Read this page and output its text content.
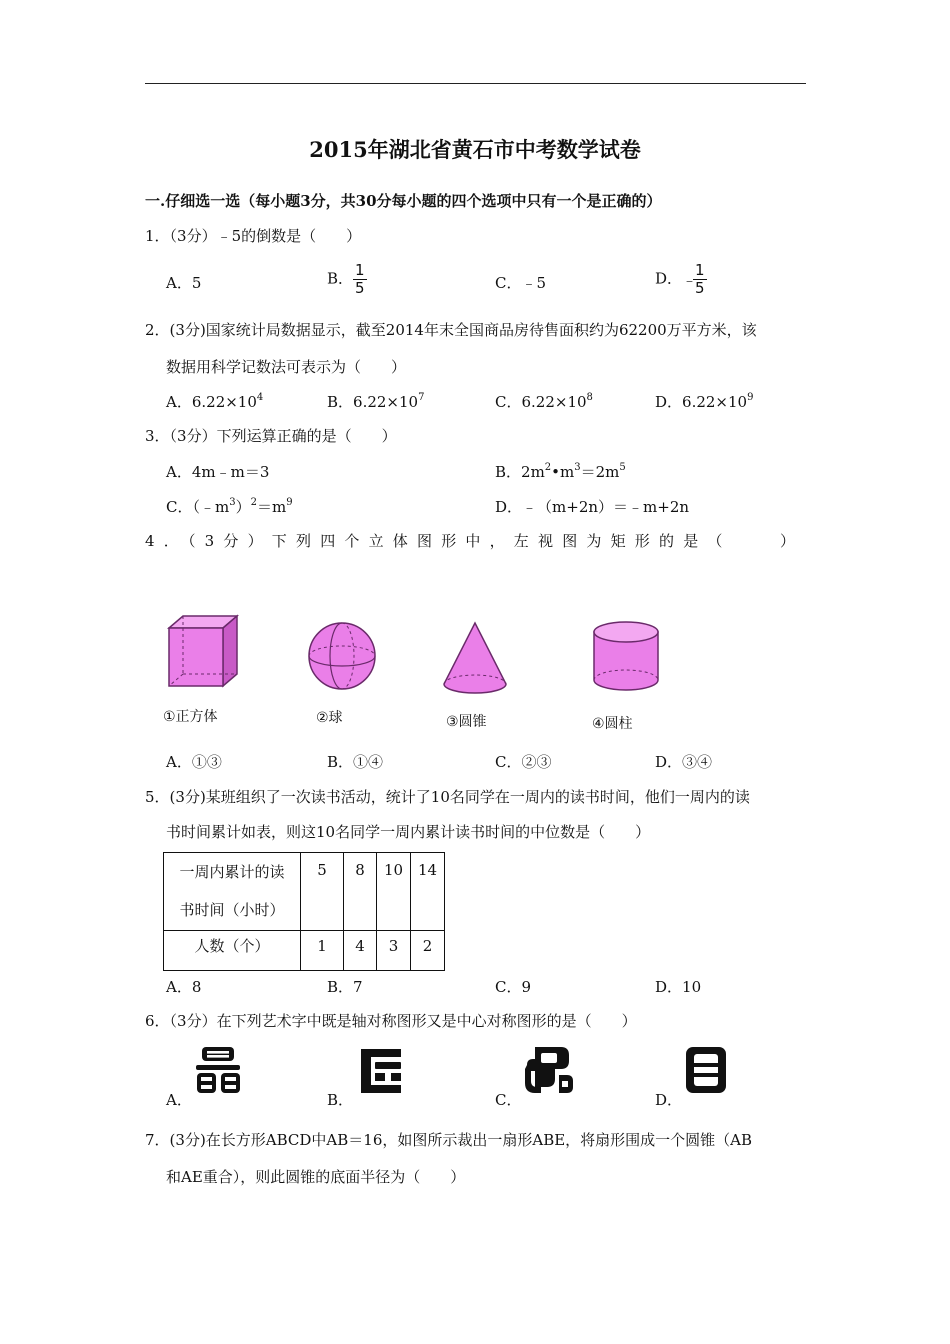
2015年湖北省黄石市中考数学试卷
一.仔细选一选（每小题3分，共30分每小题的四个选项中只有一个是正确的）
1．（3分）﹣5的倒数是（　　）
A．5	B． $\frac{1}{5}$	C．﹣5	D．﹣
$\frac{1}{5}$
2．(3分)国家统计局数据显示，截至2014年末全国商品房待售面积约为62200万平方米，该
数据用科学记数法可表示为（　　）
A．$6.22\times 10^4$	B．$6.22\times 10^7$	C．$6.22\times 10^8$	D．$6.22\times 10^9$
3．（3分）下列运算正确的是（　　）
A．4m﹣m＝3	B．$2m^2•m^3=2m^5$
C．$(﹣m^3)^2=m^9$	D．﹣（m+2n）＝﹣m+2n
4．（3分）下列四个立体图形中，左视图为矩形的是（　　）
①正方体	②球	③圆锥	④圆柱
A．①③	B．①④	C．②③	D．③④
5．(3分)某班组织了一次读书活动，统计了10名同学在一周内的读书时间，他们一周内的读
书时间累计如表，则这10名同学一周内累计读书时间的中位数是（　　）
一周内累计的读
书时间（小时）	5	8	10	14
人数（个）	1	4	3	2
A．8	B．7	C．9	D．10
6．（3分）在下列艺术字中既是轴对称图形又是中心对称图形的是（　　）
A．	B．	C．	D．
7．(3分)在长方形ABCD中AB＝16，如图所示裁出一扇形ABE，将扇形围成一个圆锥（AB
和AE重合），则此圆锥的底面半径为（　　）
